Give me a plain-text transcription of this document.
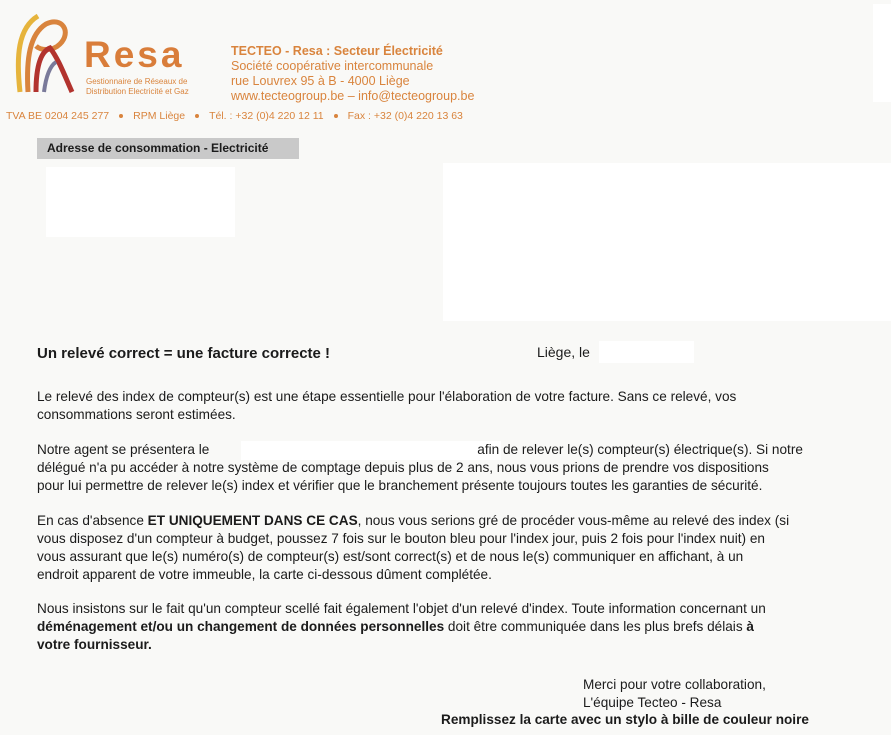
Resa
Gestionnaire de Réseaux de
Distribution Electricité et Gaz
TECTEO - Resa : Secteur Électricité
Société coopérative intercommunale
rue Louvrex 95 à B - 4000 Liège
www.tecteogroup.be – info@tecteogroup.be
TVA BE 0204 245 277 RPM Liège Tél. : +32 (0)4 220 12 11 Fax : +32 (0)4 220 13 63
Adresse de consommation - Electricité
Un relevé correct = une facture correcte !	Liège, le
Le relevé des index de compteur(s) est une étape essentielle pour l'élaboration de votre facture. Sans ce relevé, vos
consommations seront estimées.
Notre agent se présentera le	afin de relever le(s) compteur(s) électrique(s). Si notre
délégué n'a pu accéder à notre système de comptage depuis plus de 2 ans, nous vous prions de prendre vos dispositions
pour lui permettre de relever le(s) index et vérifier que le branchement présente toujours toutes les garanties de sécurité.
En cas d'absence ET UNIQUEMENT DANS CE CAS, nous vous serions gré de procéder vous-même au relevé des index (si
vous disposez d'un compteur à budget, poussez 7 fois sur le bouton bleu pour l'index jour, puis 2 fois pour l'index nuit) en
vous assurant que le(s) numéro(s) de compteur(s) est/sont correct(s) et de nous le(s) communiquer en affichant, à un
endroit apparent de votre immeuble, la carte ci-dessous dûment complétée.
Nous insistons sur le fait qu'un compteur scellé fait également l'objet d'un relevé d'index. Toute information concernant un
déménagement et/ou un changement de données personnelles doit être communiquée dans les plus brefs délais à
votre fournisseur.
Merci pour votre collaboration,
L'équipe Tecteo - Resa
Remplissez la carte avec un stylo à bille de couleur noire
